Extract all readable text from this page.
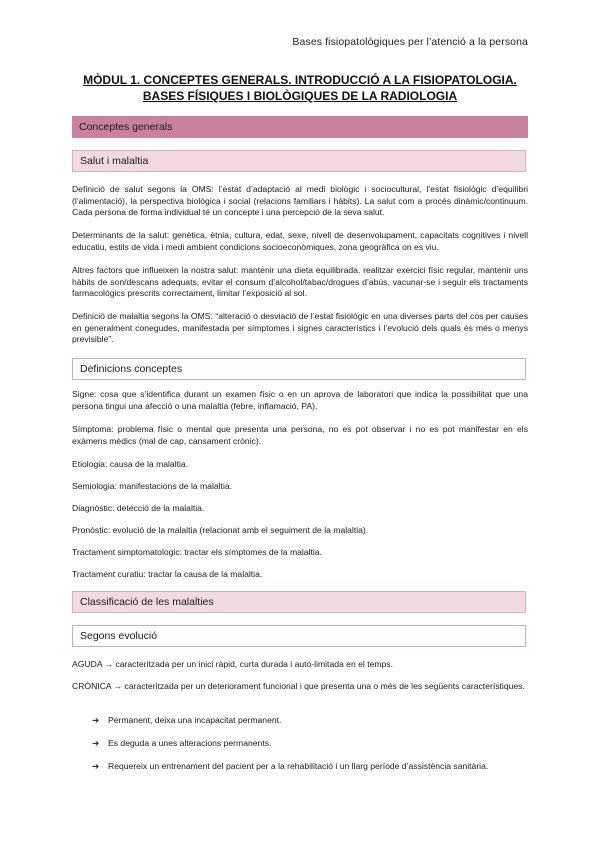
Bases fisiopatològiques per l’atenció a la persona
MÒDUL 1. CONCEPTES GENERALS. INTRODUCCIÓ A LA FISIOPATOLOGIA.
BASES FÍSIQUES I BIOLÒGIQUES DE LA RADIOLOGIA
Conceptes generals
Salut i malaltia
Definició de salut segons la OMS: l’estat d’adaptació al medi biològic i sociocultural, l’estat fisiològic d’equilibri (l’alimentació), la perspectiva biològica i social (relacions familiars i hàbits). La salut com a procés dinàmic/continuum. Cada persona de forma individual té un concepte i una percepció de la seva salut.
Determinants de la salut: genètica, ètnia, cultura, edat, sexe, nivell de desenvolupament, capacitats cognitives i nivell educatiu, estils de vida i medi ambient condicions socioeconòmiques, zona geogràfica on es viu.
Altres factors que influeixen la nostra salut: mantenir una dieta equilibrada, realitzar exercici físic regular, mantenir uns hàbits de son/descans adequats, evitar el consum d’alcohol/tabac/drogues d’abús, vacunar-se i seguir els tractaments farmacològics prescrits correctament, limitar l’exposició al sol.
Definició de malaltia segons la OMS: “alteració o desviació de l’estat fisiològic en una diverses parts del cos per causes en generalment conegudes, manifestada per símptomes i signes característics i l’evolució dels quals és més o menys previsible”.
Definicions conceptes
Signe: cosa que s’identifica durant un examen físic o en un aprova de laboratori que indica la possibilitat que una persona tingui una afecció o una malaltia (febre, inflamació, PA).
Símptoma: problema físic o mental que presenta una persona, no es pot observar i no es pot manifestar en els exàmens mèdics (mal de cap, cansament crònic).
Etiologia: causa de la malaltia.
Semiologia: manifestacions de la malaltia.
Diagnòstic: detecció de la malaltia.
Pronòstic: evolució de la malaltia (relacionat amb el seguiment de la malaltia).
Tractament simptomatologic: tractar els símptomes de la malaltia.
Tractament curatiu: tractar la causa de la malaltia.
Classificació de les malalties
Segons evolució
AGUDA → caracteritzada per un inici ràpid, curta durada i auto-limitada en el temps.
CRÒNICA → caracteritzada per un deteriorament funcional i que presenta una o més de les següents característiques.
➔ Permanent, deixa una incapacitat permanent.
➔ Es deguda a unes alteracions permanents.
➔ Requereix un entrenament del pacient per a la rehabilitació i un llarg període d’assistència sanitària.
